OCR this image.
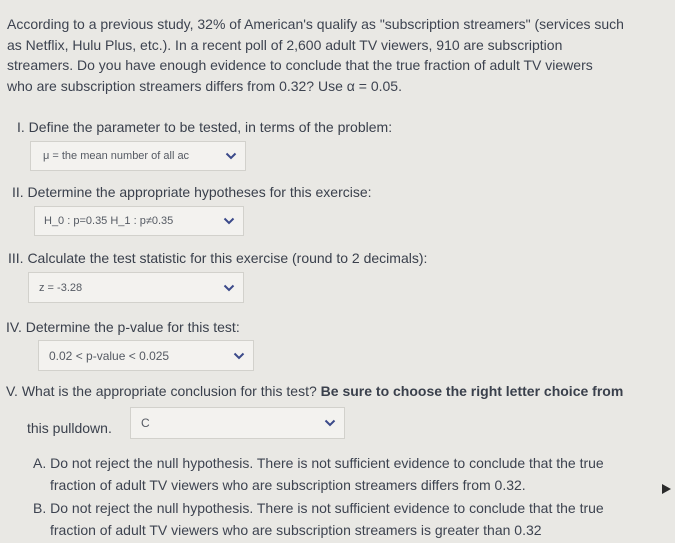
According to a previous study, 32% of American's qualify as "subscription streamers" (services such
as Netflix, Hulu Plus, etc.). In a recent poll of 2,600 adult TV viewers, 910 are subscription
streamers. Do you have enough evidence to conclude that the true fraction of adult TV viewers
who are subscription streamers differs from 0.32? Use α = 0.05.
I. Define the parameter to be tested, in terms of the problem:
μ = the mean number of all ac
II. Determine the appropriate hypotheses for this exercise:
H_0 : p=0.35 H_1 : p≠0.35
III. Calculate the test statistic for this exercise (round to 2 decimals):
z = -3.28
IV. Determine the p-value for this test:
0.02 < p-value < 0.025
V. What is the appropriate conclusion for this test? Be sure to choose the right letter choice from
this pulldown.	C
A. Do not reject the null hypothesis. There is not sufficient evidence to conclude that the true
fraction of adult TV viewers who are subscription streamers differs from 0.32.
B. Do not reject the null hypothesis. There is not sufficient evidence to conclude that the true
fraction of adult TV viewers who are subscription streamers is greater than 0.32
